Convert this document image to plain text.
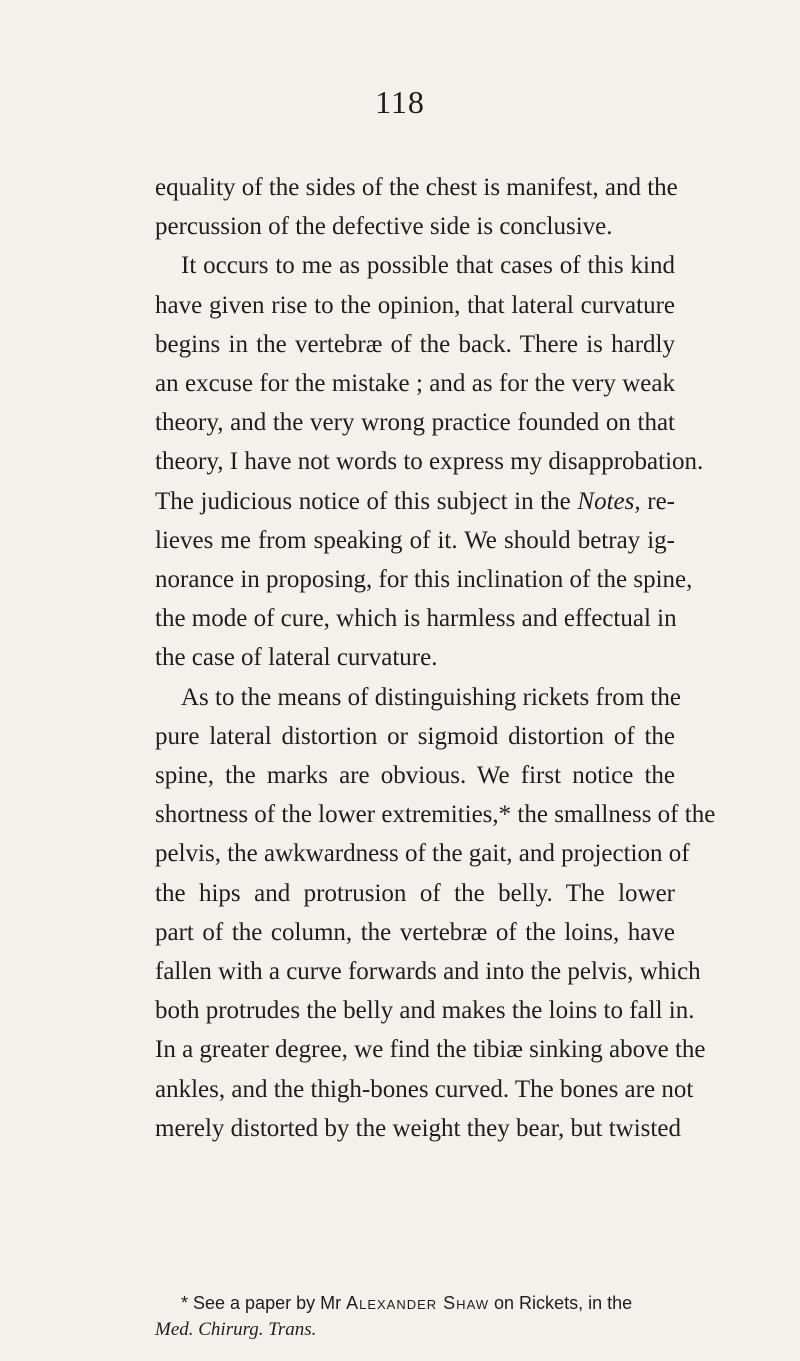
118
equality of the sides of the chest is manifest, and the
percussion of the defective side is conclusive.
It occurs to me as possible that cases of this kind
have given rise to the opinion, that lateral curvature
begins in the vertebræ of the back. There is hardly
an excuse for the mistake ; and as for the very weak
theory, and the very wrong practice founded on that
theory, I have not words to express my disapprobation.
The judicious notice of this subject in the Notes, re-
lieves me from speaking of it. We should betray ig-
norance in proposing, for this inclination of the spine,
the mode of cure, which is harmless and effectual in
the case of lateral curvature.
As to the means of distinguishing rickets from the
pure lateral distortion or sigmoid distortion of the
spine, the marks are obvious. We first notice the
shortness of the lower extremities,* the smallness of the
pelvis, the awkwardness of the gait, and projection of
the hips and protrusion of the belly. The lower
part of the column, the vertebræ of the loins, have
fallen with a curve forwards and into the pelvis, which
both protrudes the belly and makes the loins to fall in.
In a greater degree, we find the tibiæ sinking above the
ankles, and the thigh-bones curved. The bones are not
merely distorted by the weight they bear, but twisted
* See a paper by Mr Alexander Shaw on Rickets, in the
Med. Chirurg. Trans.
